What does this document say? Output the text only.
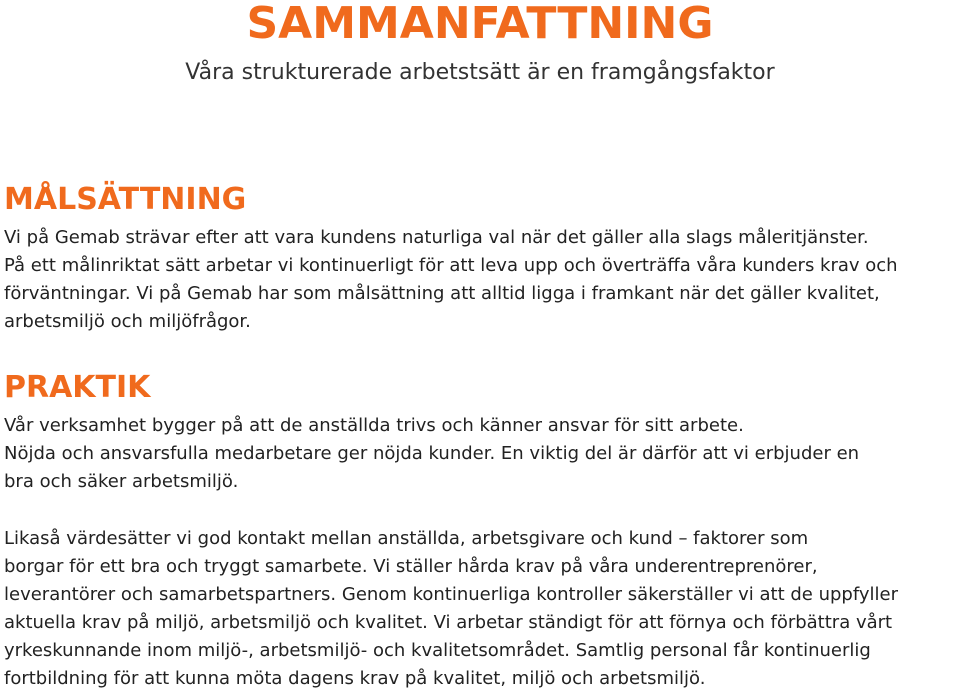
SAMMANFATTNING

Våra strukturerade arbetstsätt är en framgångsfaktor

MÅLSÄTTNING

Vi på Gemab strävar efter att vara kundens naturliga val när det gäller alla slags måleritjänster.
På ett målinriktat sätt arbetar vi kontinuerligt för att leva upp och överträffa våra kunders krav och
förväntningar. Vi på Gemab har som målsättning att alltid ligga i framkant när det gäller kvalitet,
arbetsmiljö och miljöfrågor.

PRAKTIK

Vår verksamhet bygger på att de anställda trivs och känner ansvar för sitt arbete.
Nöjda och ansvarsfulla medarbetare ger nöjda kunder. En viktig del är därför att vi erbjuder en
bra och säker arbetsmiljö.

Likaså värdesätter vi god kontakt mellan anställda, arbetsgivare och kund – faktorer som
borgar för ett bra och tryggt samarbete. Vi ställer hårda krav på våra underentreprenörer,
leverantörer och samarbetspartners. Genom kontinuerliga kontroller säkerställer vi att de uppfyller
aktuella krav på miljö, arbetsmiljö och kvalitet. Vi arbetar ständigt för att förnya och förbättra vårt
yrkeskunnande inom miljö-, arbetsmiljö- och kvalitetsområdet. Samtlig personal får kontinuerlig
fortbildning för att kunna möta dagens krav på kvalitet, miljö och arbetsmiljö.
